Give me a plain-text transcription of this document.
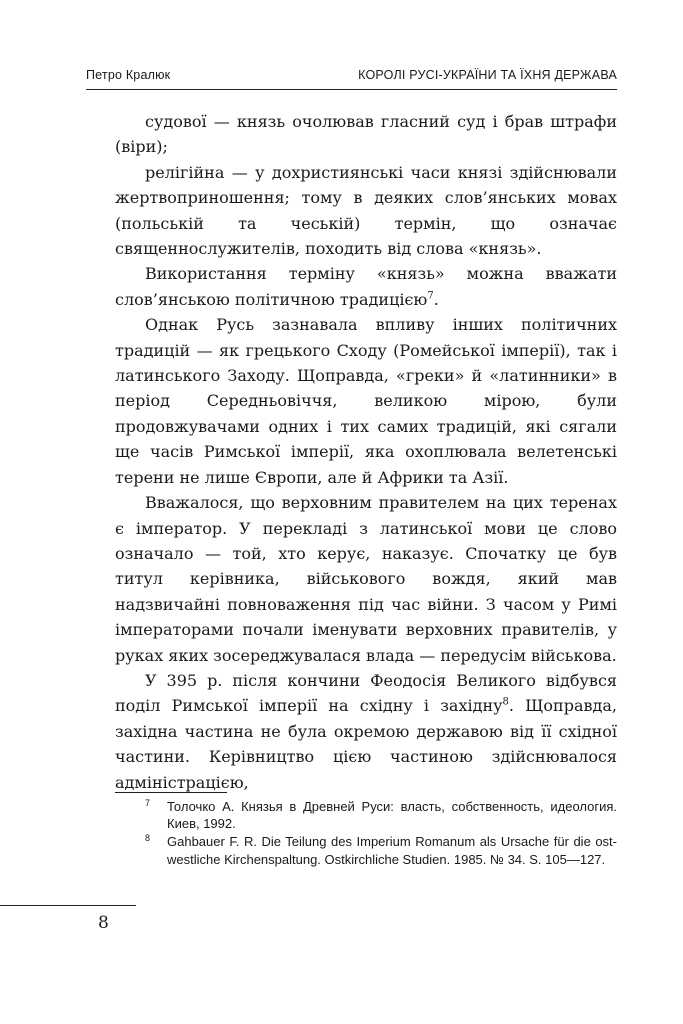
Петро Кралюк	КОРОЛІ РУСІ-УКРАЇНИ ТА ЇХНЯ ДЕРЖАВА

судової — князь очолював гласний суд і брав штрафи (віри);

релігійна — у дохристиянські часи князі здійснювали жертвоприношення; тому в деяких слов’янських мовах (польській та чеській) термін, що означає священнослужителів, походить від слова «князь».

Використання терміну «князь» можна вважати слов’янською політичною традицією$^7$.

Однак Русь зазнавала впливу інших політичних традицій — як грецького Сходу (Ромейської імперії), так і латинського Заходу. Щоправда, «греки» й «латинники» в період Середньовіччя, великою мірою, були продовжувачами одних і тих самих традицій, які сягали ще часів Римської імперії, яка охоплювала велетенські терени не лише Європи, але й Африки та Азії.

Вважалося, що верховним правителем на цих теренах є імператор. У перекладі з латинської мови це слово означало — той, хто керує, наказує. Спочатку це був титул керівника, військового вождя, який мав надзвичайні повноваження під час війни. З часом у Римі імператорами почали іменувати верховних правителів, у руках яких зосереджувалася влада — передусім військова.

У 395 р. після кончини Феодосія Великого відбувся поділ Римської імперії на східну і західну$^8$. Щоправда, західна частина не була окремою державою від її східної частини. Керівництво цією частиною здійснювалося адміністрацією,

7 Толочко А. Князья в Древней Руси: власть, собственность, идеология. Киев, 1992.
8 Gahbauer F. R. Die Teilung des Imperium Romanum als Ursache für die ost-westliche Kirchenspaltung. Ostkirchliche Studien. 1985. № 34. S. 105—127.
8
